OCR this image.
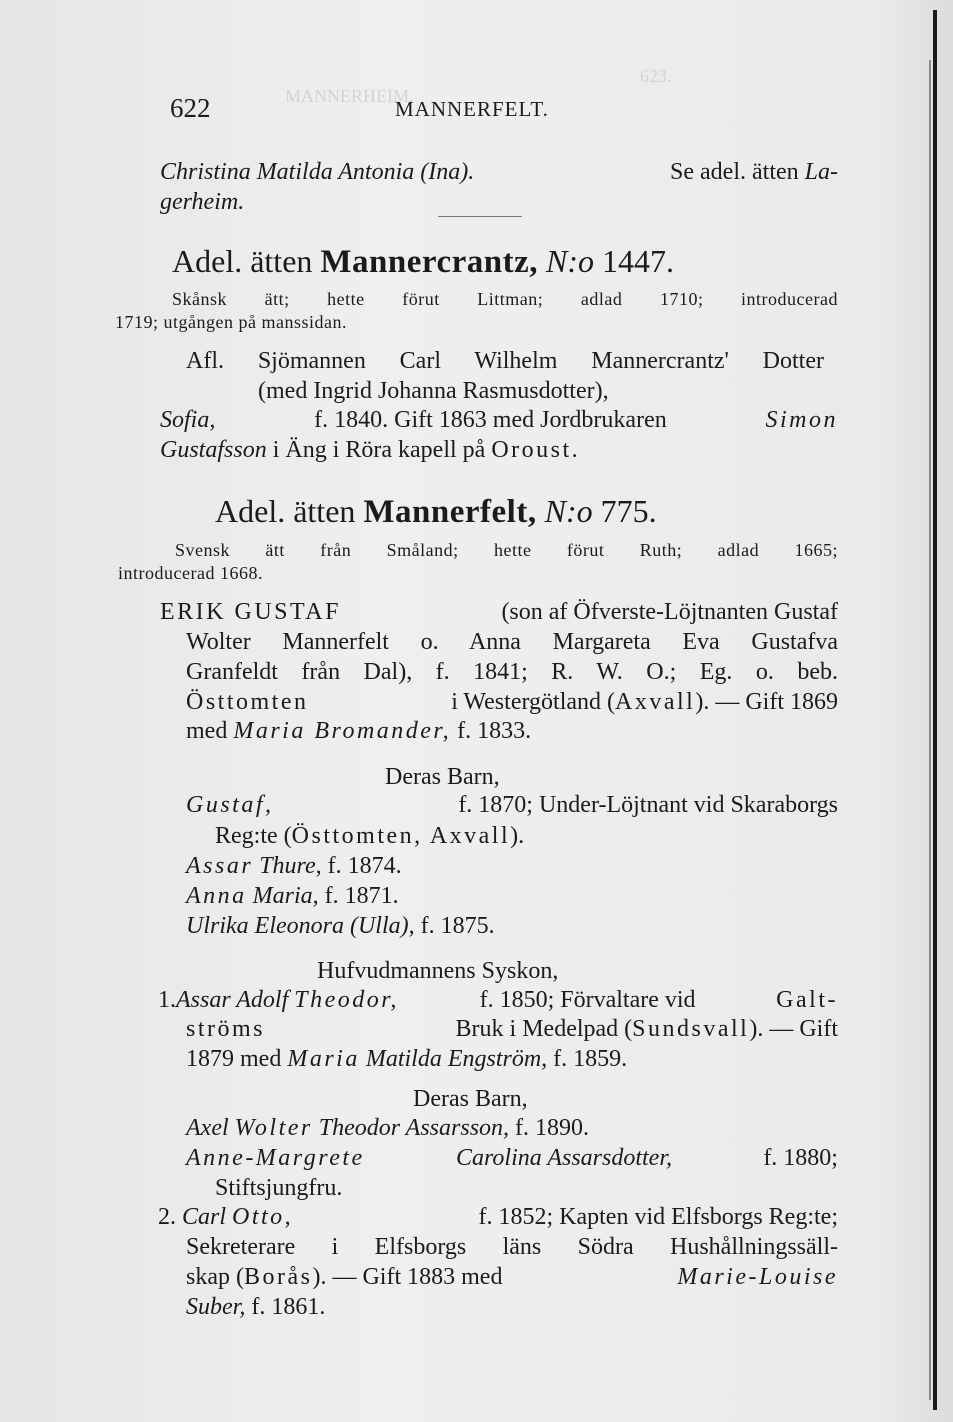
MANNERHEIM.
623.
622	MANNERFELT.
Christina Matilda Antonia (Ina).	Se adel. ätten La-
gerheim.
Adel. ätten Mannercrantz, N:o 1447.
Skånsk ätt; hette förut Littman; adlad 1710; introducerad
1719; utgången på manssidan.
Afl. Sjömannen Carl Wilhelm Mannercrantz' Dotter
(med Ingrid Johanna Rasmusdotter),
Sofia,	f. 1840. Gift 1863 med Jordbrukaren	Simon
Gustafsson i Äng i Röra kapell på Oroust.
Adel. ätten Mannerfelt, N:o 775.
Svensk ätt från Småland; hette förut Ruth; adlad 1665;
introducerad 1668.
ERIK GUSTAF	(son af Öfverste-Löjtnanten Gustaf
Wolter Mannerfelt o. Anna Margareta Eva Gustafva
Granfeldt från Dal), f. 1841; R. W. O.; Eg. o. beb.
Östtomten	i Westergötland (Axvall). — Gift 1869
med Maria Bromander, f. 1833.
Deras Barn,
Gustaf,	f. 1870; Under-Löjtnant vid Skaraborgs
Reg:te (Östtomten, Axvall).
Assar Thure, f. 1874.
Anna Maria, f. 1871.
Ulrika Eleonora (Ulla), f. 1875.
Hufvudmannens Syskon,
1.Assar Adolf Theodor,	f. 1850; Förvaltare vid	Galt-
ströms	Bruk i Medelpad (Sundsvall). — Gift
1879 med Maria Matilda Engström, f. 1859.
Deras Barn,
Axel Wolter Theodor Assarsson, f. 1890.
Anne-Margrete	Carolina Assarsdotter,	f. 1880;
Stiftsjungfru.
2. Carl Otto,	f. 1852; Kapten vid Elfsborgs Reg:te;
Sekreterare i Elfsborgs läns Södra Hushållningssäll-
skap (Borås). — Gift 1883 med	Marie-Louise
Suber, f. 1861.
